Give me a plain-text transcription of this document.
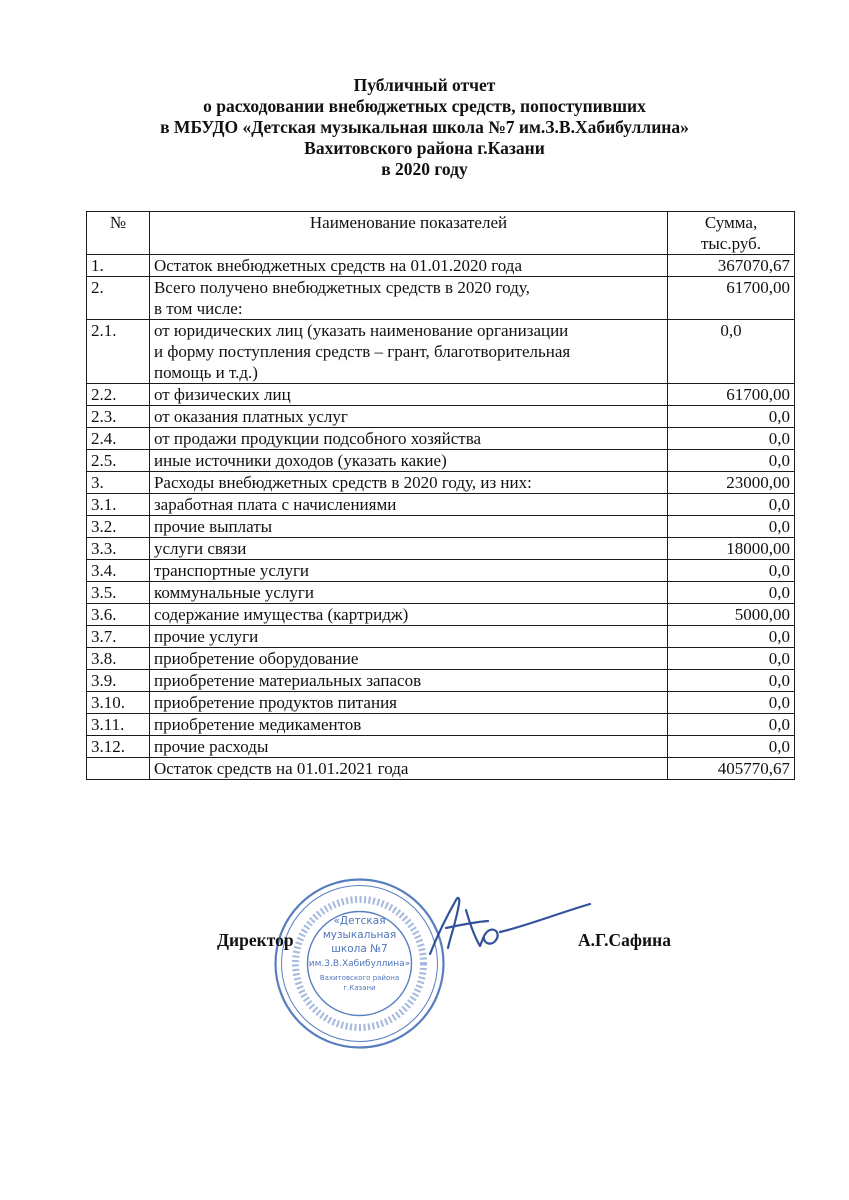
Публичный отчет
о расходовании внебюджетных средств, попоступивших
в МБУДО «Детская музыкальная школа №7 им.З.В.Хабибуллина»
Вахитовского района г.Казани
в 2020 году
№	Наименование показателей	Сумма,
тыс.руб.

1.	Остаток внебюджетных средств на 01.01.2020 года	367070,67
2.	Всего получено внебюджетных средств в 2020 году,
в том числе:	61700,00
2.1.	от юридических лиц (указать наименование организации
и форму поступления средств – грант, благотворительная
помощь и т.д.)	0,0
2.2.	от физических лиц	61700,00
2.3.	от оказания платных услуг	0,0
2.4.	от продажи продукции подсобного хозяйства	0,0
2.5.	иные источники доходов (указать какие)	0,0
3.	Расходы внебюджетных средств в 2020 году, из них:	23000,00
3.1.	заработная плата с начислениями	0,0
3.2.	прочие выплаты	0,0
3.3.	услуги связи	18000,00
3.4.	транспортные услуги	0,0
3.5.	коммунальные услуги	0,0
3.6.	содержание имущества (картридж)	5000,00
3.7.	прочие услуги	0,0
3.8.	приобретение оборудование	0,0
3.9.	приобретение материальных запасов	0,0
3.10.	приобретение продуктов питания	0,0
3.11.	приобретение медикаментов	0,0
3.12.	прочие расходы	0,0
	Остаток средств на 01.01.2021 года	405770,67
«Детская
музыкальная
школа №7
им.З.В.Хабибуллина»
Вахитовского района
г.Казани
Директор	А.Г.Сафина
